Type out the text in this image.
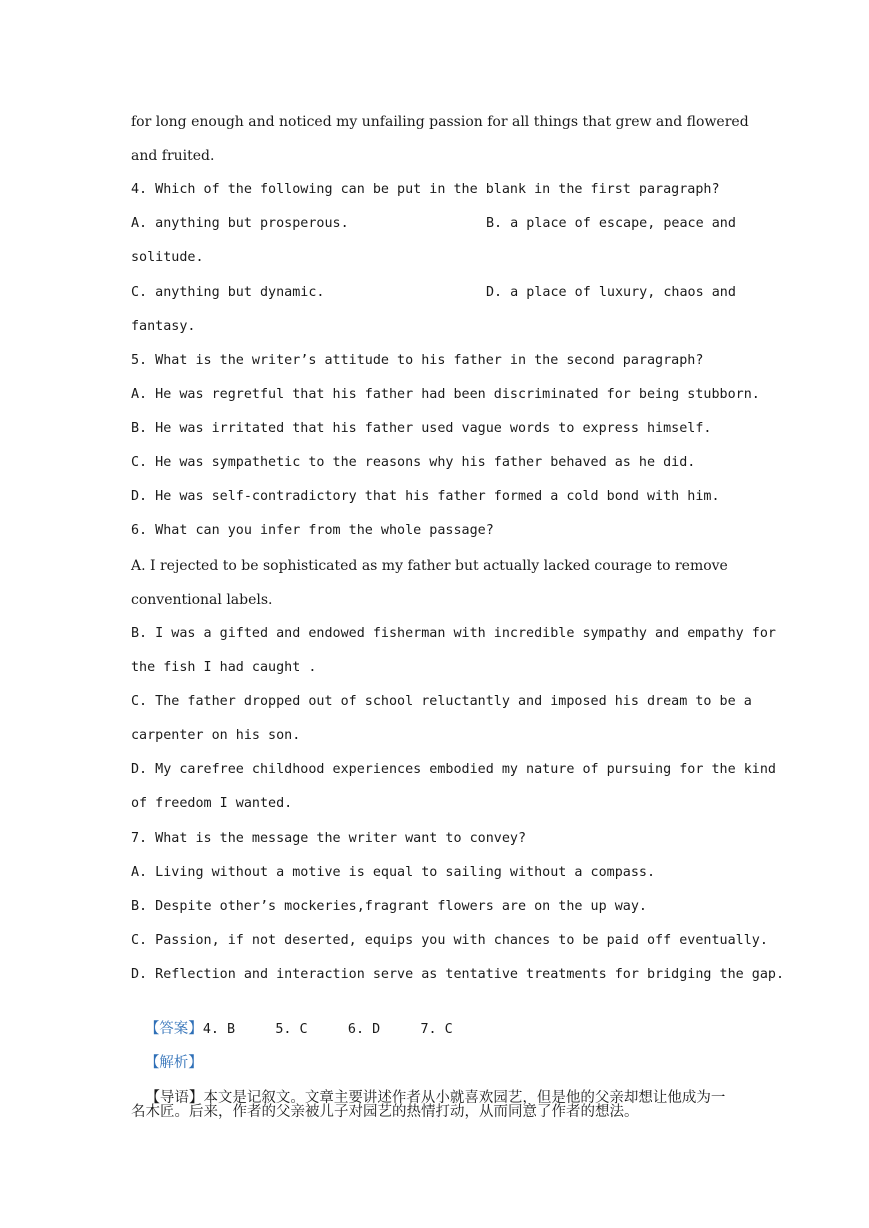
for long enough and noticed my unfailing passion for all things that grew and flowered
and fruited.
4. Which of the following can be put in the blank in the first paragraph?
A. anything but prosperous.	B. a place of escape, peace and
solitude.
C. anything but dynamic.	D. a place of luxury, chaos and
fantasy.
5. What is the writer’s attitude to his father in the second paragraph?
A. He was regretful that his father had been discriminated for being stubborn.
B. He was irritated that his father used vague words to express himself.
C. He was sympathetic to the reasons why his father behaved as he did.
D. He was self-contradictory that his father formed a cold bond with him.
6. What can you infer from the whole passage?
A. I rejected to be sophisticated as my father but actually lacked courage to remove
conventional labels.
B. I was a gifted and endowed fisherman with incredible sympathy and empathy for
the fish I had caught .
C. The father dropped out of school reluctantly and imposed his dream to be a
carpenter on his son.
D. My carefree childhood experiences embodied my nature of pursuing for the kind
of freedom I wanted.
7. What is the message the writer want to convey?
A. Living without a motive is equal to sailing without a compass.
B. Despite other’s mockeries,fragrant flowers are on the up way.
C. Passion, if not deserted, equips you with chances to be paid off eventually.
D. Reflection and interaction serve as tentative treatments for bridging the gap.

【答案】4. B     5. C     6. D     7. C

【解析】

【导语】本文是记叙文。文章主要讲述作者从小就喜欢园艺，但是他的父亲却想让他成为一

名木匠。后来，作者的父亲被儿子对园艺的热情打动，从而同意了作者的想法。
